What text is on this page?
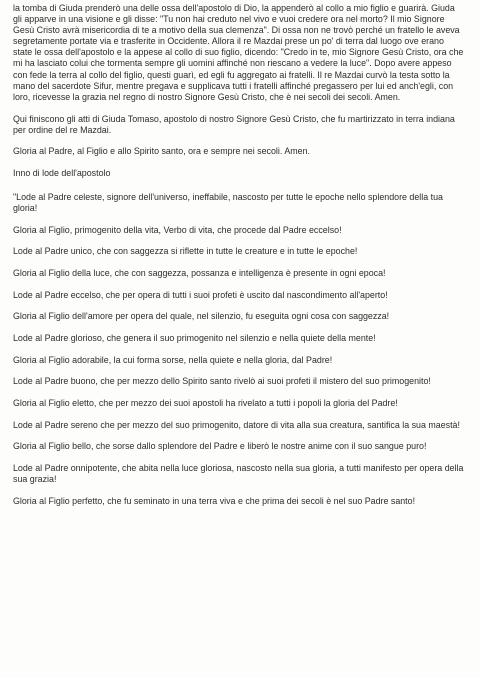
la tomba di Giuda prenderò una delle ossa dell'apostolo di Dio, la appenderò al collo a mio figlio e guarirà. Giuda gli apparve in una visione e gli disse: "Tu non hai creduto nel vivo e vuoi credere ora nel morto? Il mio Signore Gesù Cristo avrà misericordia di te a motivo della sua clemenza". Di ossa non ne trovò perché un fratello le aveva segretamente portate via e trasferite in Occidente. Allora il re Mazdai prese un po' di terra dal luogo ove erano state le ossa dell'apostolo e la appese al collo di suo figlio, dicendo: "Credo in te, mio Signore Gesù Cristo, ora che mi ha lasciato colui che tormenta sempre gli uomini affinché non riescano a vedere la luce". Dopo avere appeso con fede la terra al collo del figlio, questi guarì, ed egli fu aggregato ai fratelli. Il re Mazdai curvò la testa sotto la mano del sacerdote Sifur, mentre pregava e supplicava tutti i fratelli affinché pregassero per lui ed anch'egli, con loro, ricevesse la grazia nel regno di nostro Signore Gesù Cristo, che è nei secoli dei secoli. Amen.

Qui finiscono gli atti di Giuda Tomaso, apostolo di nostro Signore Gesù Cristo, che fu martirizzato in terra indiana per ordine del re Mazdai.

Gloria al Padre, al Figlio e allo Spirito santo, ora e sempre nei secoli. Amen.

Inno di lode dell'apostolo

"Lode al Padre celeste, signore dell'universo, ineffabile, nascosto per tutte le epoche nello splendore della tua gloria!

Gloria al Figlio, primogenito della vita, Verbo di vita, che procede dal Padre eccelso!

Lode al Padre unico, che con saggezza si riflette in tutte le creature e in tutte le epoche!

Gloria al Figlio della luce, che con saggezza, possanza e intelligenza è presente in ogni epoca!

Lode al Padre eccelso, che per opera di tutti i suoi profeti è uscito dal nascondimento all'aperto!

Gloria al Figlio dell'amore per opera del quale, nel silenzio, fu eseguita ogni cosa con saggezza!

Lode al Padre glorioso, che genera il suo primogenito nel silenzio e nella quiete della mente!

Gloria al Figlio adorabile, la cui forma sorse, nella quiete e nella gloria, dal Padre!

Lode al Padre buono, che per mezzo dello Spirito santo rivelò ai suoi profeti il mistero del suo primogenito!

Gloria al Figlio eletto, che per mezzo dei suoi apostoli ha rivelato a tutti i popoli la gloria del Padre!

Lode al Padre sereno che per mezzo del suo primogenito, datore di vita alla sua creatura, santifica la sua maestà!

Gloria al Figlio bello, che sorse dallo splendore del Padre e liberò le nostre anime con il suo sangue puro!

Lode al Padre onnipotente, che abita nella luce gloriosa, nascosto nella sua gloria, a tutti manifesto per opera della sua grazia!

Gloria al Figlio perfetto, che fu seminato in una terra viva e che prima dei secoli è nel suo Padre santo!
